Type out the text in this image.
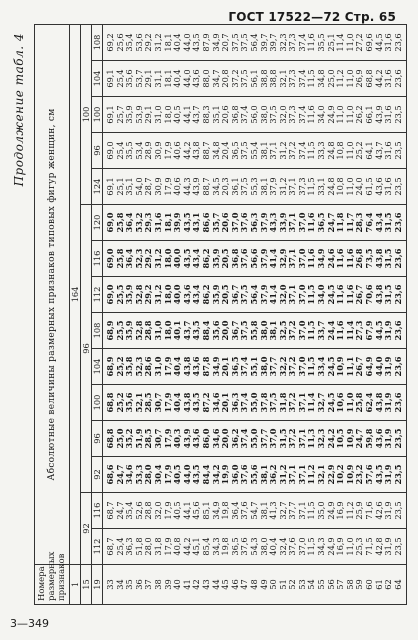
ГОСТ 17522—72 Стр. 65
Продолжение табл. 4
Номера размерных признаков	Абсолютные величины размерных признаков типовых фигур женщин, см														
1	164														
15	92		96								100				
19	112	116	92	96	100	104	108	112	116	120	124	96	100	104	108
33	68,7	68,7	68,6	68,8	68,8	68,9	68,9	69,0	69,0	69,0	69,1	69,0	69,1	69,1	69,2
34	25,4	24,7	24,7	25,0	25,2	25,2	25,5	25,5	25,8	25,8	25,1	25,4	25,7	25,4	25,6
35	36,3	35,4	34,6	35,2	35,6	35,8	35,9	35,9	36,4	36,4	35,1	35,5	35,9	35,6	35,4
36	51,8	52,6	53,3	51,9	52,1	52,3	52,8	52,8	52,3	53,2	54,0	53,4	53,9	53,7	53,6
37	28,0	28,8	28,0	28,5	28,5	28,6	28,8	29,2	29,2	29,3	28,7	28,9	29,1	29,1	29,2
38	31,8	32,0	30,4	30,7	30,7	31,0	31,0	31,2	31,2	31,6	30,9	30,9	31,0	31,1	31,2
39	17,9	17,9	17,9	17,9	17,9	17,9	18,0	18,0	18,0	18,1	17,9	17,9	18,0	18,1	18,1
40	40,8	40,5	40,5	40,3	40,4	40,4	40,1	40,0	40,0	39,9	40,6	40,6	40,5	40,4	40,4
41	44,2	44,1	44,0	43,9	43,8	43,8	43,7	43,6	43,5	43,5	44,3	44,2	44,1	44,0	44,0
42	45,1	45,6	43,5	43,6	43,5	43,6	43,5	43,4	43,4	43,1	43,9	43,8	43,7	43,6	43,5
43	85,4	85,1	84,4	86,0	87,2	87,8	88,4	86,2	86,2	86,6	88,7	88,7	88,3	88,0	87,9
44	34,3	34,9	34,2	34,6	34,6	34,9	35,6	35,9	35,9	35,7	34,5	34,8	35,1	34,7	34,9
45	19,8	19,8	19,9	20,0	20,1	20,1	20,0	20,5	20,5	20,6	20,3	20,4	20,6	20,8	20,7
46	36,5	36,4	36,0	36,2	36,3	36,5	36,7	36,7	36,8	37,0	36,1	36,5	36,8	37,2	37,5
47	37,6	37,6	37,6	37,4	37,4	37,4	37,5	37,5	37,6	37,6	37,5	37,5	37,4	37,5	37,5
48	54,3	54,7	55,6	55,0	55,0	55,1	55,8	56,4	56,6	56,3	55,3	55,4	56,0	56,1	56,4
49	38,0	38,1	38,1	37,7	37,8	38,0	38,0	37,9	37,9	37,9	38,1	38,1	38,0	38,8	39,7
50	40,4	41,3	36,2	37,0	37,5	37,7	38,1	41,4	41,4	43,3	37,9	37,1	37,5	38,8	39,7
51	32,4	32,7	31,2	31,5	31,8	32,2	32,5	32,0	32,9	33,9	31,2	31,2	32,0	32,1	32,3
52	37,6	37,7	37,1	37,2	37,2	37,2	37,2	37,1	37,1	37,1	37,1	37,2	37,3	37,3	37,3
53	37,0	37,1	37,1	37,1	37,1	37,0	37,0	37,0	37,0	37,0	37,3	37,4	37,4	37,4	37,4
54	11,5	11,5	11,2	11,3	11,4	11,5	11,5	11,5	11,6	11,6	11,5	11,5	11,6	11,5	11,6
55	34,3	35,0	32,1	32,3	32,7	33,4	33,7	34,0	34,9	36,5	33,1	33,3	34,0	34,8	35,5
56	24,9	24,9	22,9	24,2	24,5	24,5	24,4	24,5	24,6	24,7	24,8	24,8	24,9	25,0	25,1
57	16,9	16,9	10,2	10,5	10,6	10,9	11,6	11,6	11,6	11,8	10,8	10,8	11,0	11,2	11,4
58	11,0	11,2	10,9	10,9	11,0	11,1	11,4	11,6	11,6	11,7	11,0	11,0	11,0	11,0	11,0
59	25,3	25,9	23,2	24,7	25,8	26,7	27,3	26,7	26,8	28,3	24,0	25,2	26,2	26,9	27,2
60	71,5	71,6	57,6	59,8	62,4	64,9	67,9	70,6	73,5	76,4	61,5	64,1	66,1	68,8	69,6
61	42,8	42,6	43,5	43,6	43,8	44,0	44,5	43,8	43,8	43,4	43,6	43,7	43,9	44,2	44,5
62	31,9	31,9	31,9	31,9	31,9	31,9	31,9	31,5	31,5	31,5	31,6	31,6	31,6	31,6	31,6
64	23,5	23,5	23,5	23,5	23,6	23,6	23,6	23,6	23,6	23,6	23,5	23,5	23,5	23,6	23,6
3—349
